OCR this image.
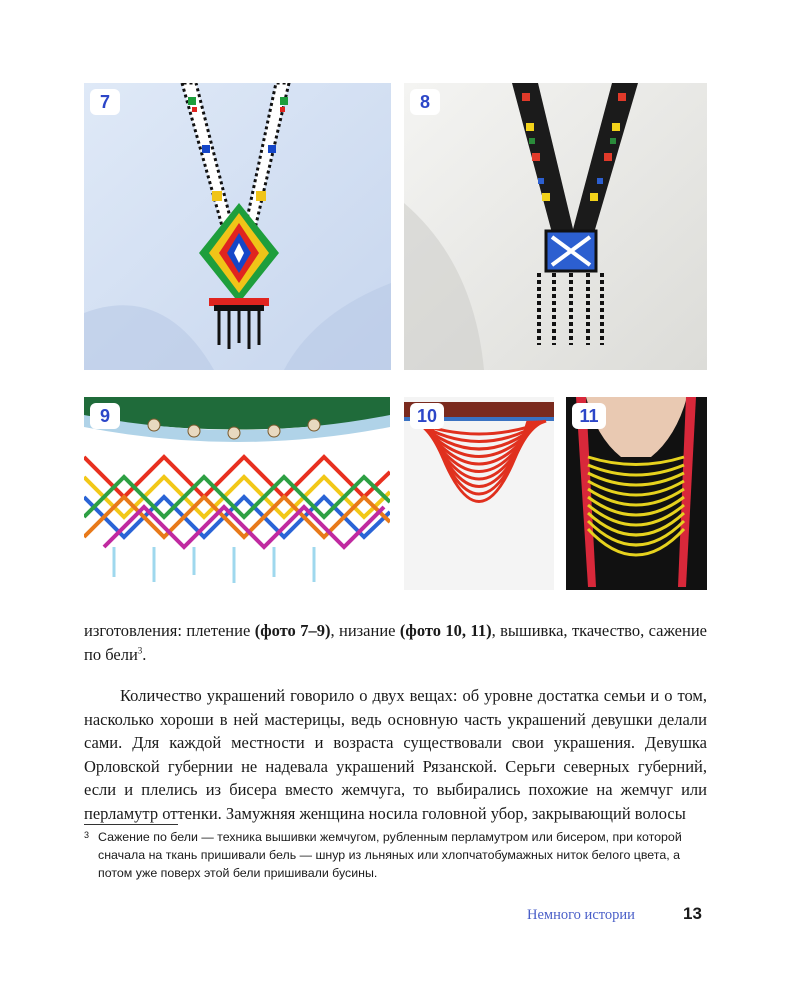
7	8
9	10	11
изготовления: плетение (фото 7–9), низание (фото 10, 11), вышивка, ткачество, сажение по бели$^3$.
Количество украшений говорило о двух вещах: об уровне достатка семьи и о том, насколько хороши в ней мастерицы, ведь основную часть украшений девушки делали сами. Для каждой местности и возраста существовали свои украшения. Девушка Орловской губернии не надевала украшений Рязанской. Серьги северных губерний, если и плелись из бисера вместо жемчуга, то выбирались похожие на жемчуг или перламутр оттенки. Замужняя женщина носила головной убор, закрывающий волосы
3 Сажение по бели — техника вышивки жемчугом, рубленным перламутром или бисером, при которой сначала на ткань пришивали бель — шнур из льняных или хлопчатобумажных ниток белого цвета, а потом уже поверх этой бели пришивали бусины.
Немного истории	13
